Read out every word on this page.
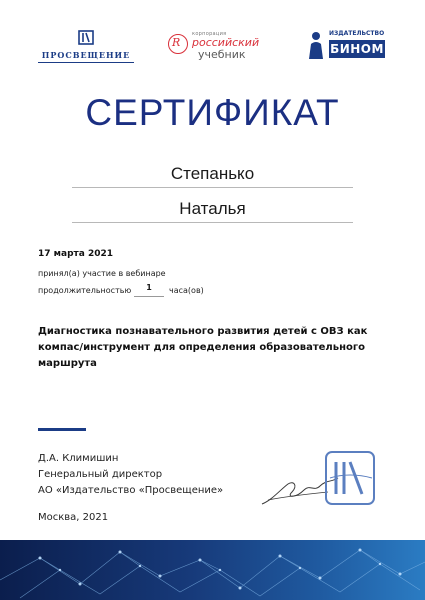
ПРОСВЕЩЕНИЕ
R
корпорация
российский
учебник
ИЗДАТЕЛЬСТВО
БИНОМ
СЕРТИФИКАТ
Степанько
Наталья
17 марта 2021
принял(а) участие в вебинаре
продолжительностью	1	часа(ов)
Диагностика познавательного развития детей с ОВЗ как компас/инструмент для определения образовательного маршрута
Д.А. Климишин
Генеральный директор
АО «Издательство «Просвещение»
Москва, 2021
